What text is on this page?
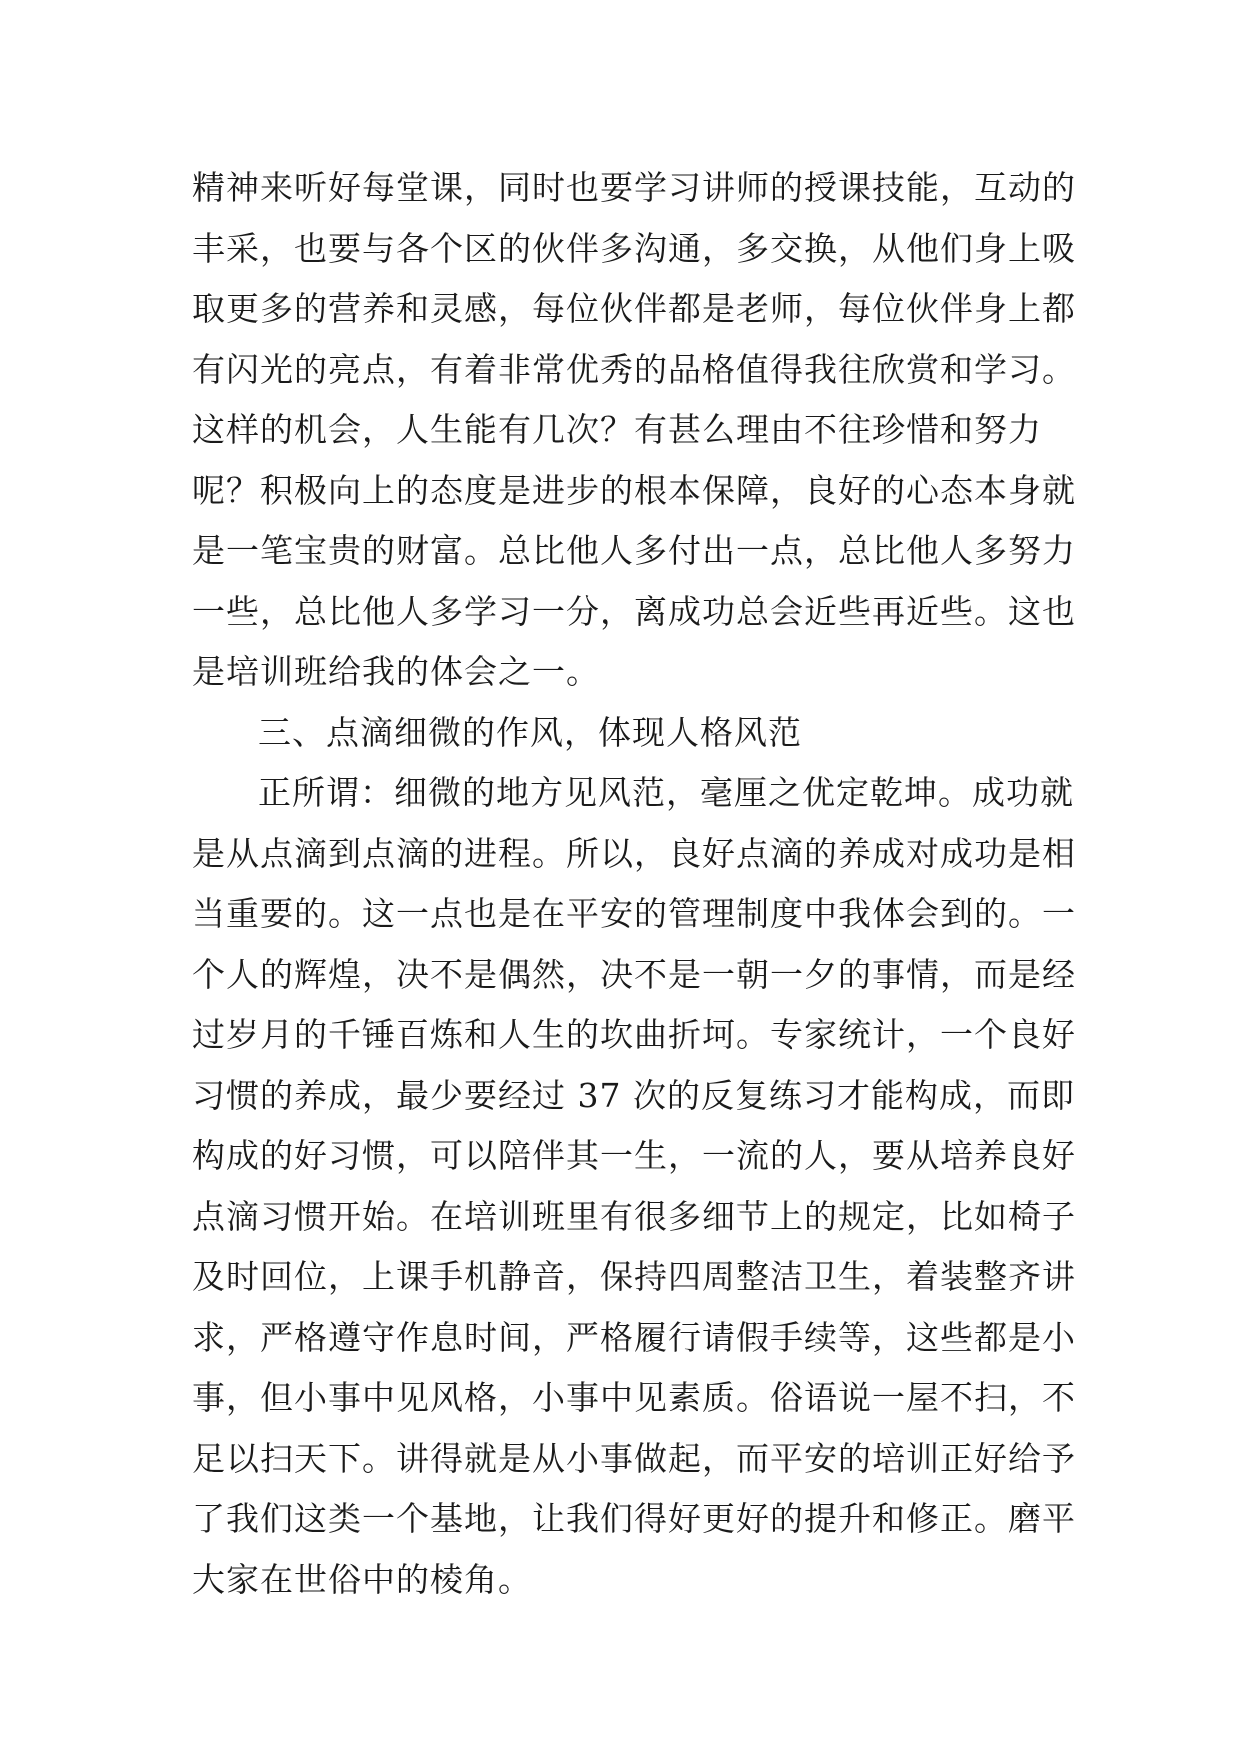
精神来听好每堂课，同时也要学习讲师的授课技能，互动的
丰采，也要与各个区的伙伴多沟通，多交换，从他们身上吸
取更多的营养和灵感，每位伙伴都是老师，每位伙伴身上都
有闪光的亮点，有着非常优秀的品格值得我往欣赏和学习。
这样的机会，人生能有几次？有甚么理由不往珍惜和努力
呢？积极向上的态度是进步的根本保障，良好的心态本身就
是一笔宝贵的财富。总比他人多付出一点，总比他人多努力
一些，总比他人多学习一分，离成功总会近些再近些。这也
是培训班给我的体会之一。
三、点滴细微的作风，体现人格风范
正所谓：细微的地方见风范，毫厘之优定乾坤。成功就
是从点滴到点滴的进程。所以，良好点滴的养成对成功是相
当重要的。这一点也是在平安的管理制度中我体会到的。一
个人的辉煌，决不是偶然，决不是一朝一夕的事情，而是经
过岁月的千锤百炼和人生的坎曲折坷。专家统计，一个良好
习惯的养成，最少要经过 37 次的反复练习才能构成，而即
构成的好习惯，可以陪伴其一生，一流的人，要从培养良好
点滴习惯开始。在培训班里有很多细节上的规定，比如椅子
及时回位，上课手机静音，保持四周整洁卫生，着装整齐讲
求，严格遵守作息时间，严格履行请假手续等，这些都是小
事，但小事中见风格，小事中见素质。俗语说一屋不扫，不
足以扫天下。讲得就是从小事做起，而平安的培训正好给予
了我们这类一个基地，让我们得好更好的提升和修正。磨平
大家在世俗中的棱角。
